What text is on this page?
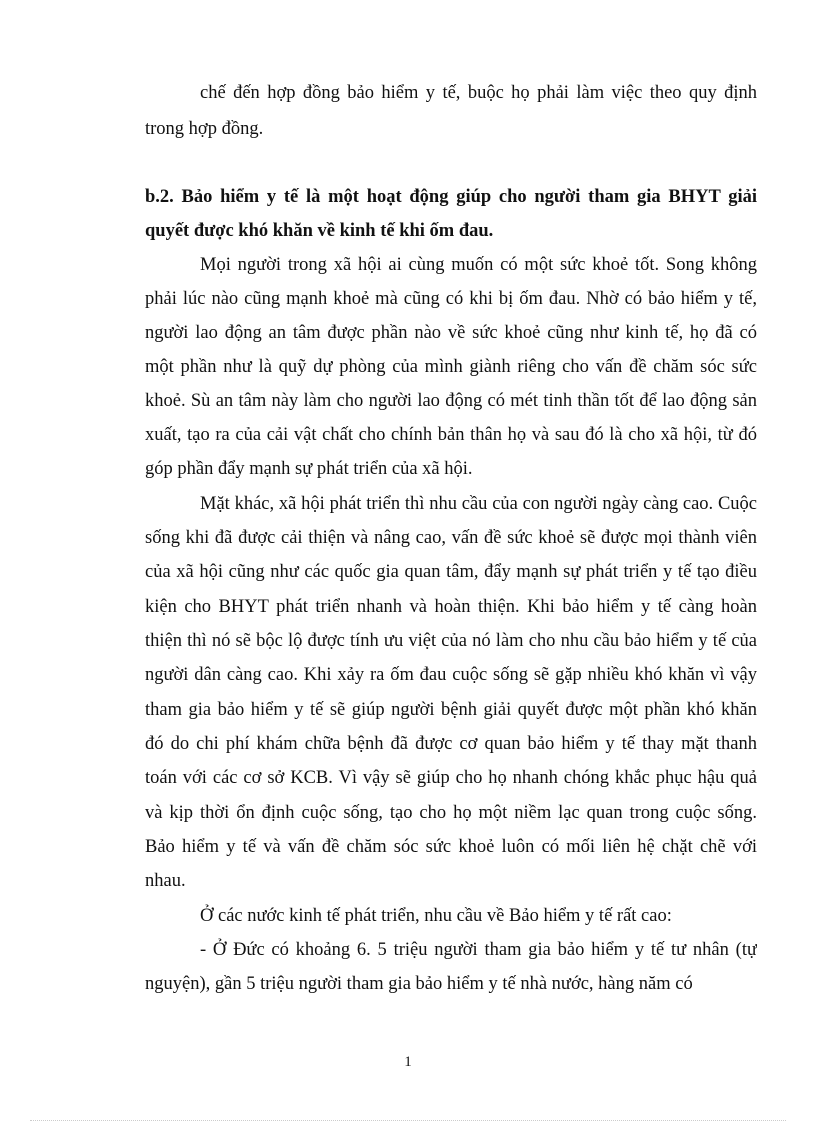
chế đến hợp đồng bảo hiểm y tế, buộc họ phải làm việc theo quy định
trong hợp đồng.
b.2. Bảo hiểm y tế là một hoạt động giúp cho người tham gia BHYT giải
quyết được khó khăn về kinh tế khi ốm đau.
Mọi người trong xã hội ai cùng muốn có một sức khoẻ tốt. Song không
phải lúc nào cũng mạnh khoẻ mà cũng có khi bị ốm đau. Nhờ có bảo hiểm y tế,
người lao động an tâm được phần nào về sức khoẻ cũng như kinh tế, họ đã có
một phần như là quỹ dự phòng của mình giành riêng cho vấn đề chăm sóc sức
khoẻ. Sù an tâm này làm cho người lao động có mét tinh thần tốt để lao động sản
xuất, tạo ra của cải vật chất cho chính bản thân họ và sau đó là cho xã hội, từ đó
góp phần đẩy mạnh sự phát triển của xã hội.
Mặt khác, xã hội phát triển thì nhu cầu của con người ngày càng cao. Cuộc
sống khi đã được cải thiện và nâng cao, vấn đề sức khoẻ sẽ được mọi thành viên
của xã hội cũng như các quốc gia quan tâm, đẩy mạnh sự phát triển y tế tạo điều
kiện cho BHYT phát triển nhanh và hoàn thiện. Khi bảo hiểm y tế càng hoàn
thiện thì nó sẽ bộc lộ được tính ưu việt của nó làm cho nhu cầu bảo hiểm y tế của
người dân càng cao. Khi xảy ra ốm đau cuộc sống sẽ gặp nhiều khó khăn vì vậy
tham gia bảo hiểm y tế sẽ giúp người bệnh giải quyết được một phần khó khăn
đó do chi phí khám chữa bệnh đã được cơ quan bảo hiểm y tế thay mặt thanh
toán với các cơ sở KCB. Vì vậy sẽ giúp cho họ nhanh chóng khắc phục hậu quả
và kịp thời ổn định cuộc sống, tạo cho họ một niềm lạc quan trong cuộc sống.
Bảo hiểm y tế và vấn đề chăm sóc sức khoẻ luôn có mối liên hệ chặt chẽ với
nhau.
Ở các nước kinh tế phát triển, nhu cầu về Bảo hiểm y tế rất cao:
- Ở Đức có khoảng 6. 5 triệu người tham gia bảo hiểm y tế tư nhân (tự
nguyện), gần 5 triệu người tham gia bảo hiểm y tế nhà nước, hàng năm có
1
